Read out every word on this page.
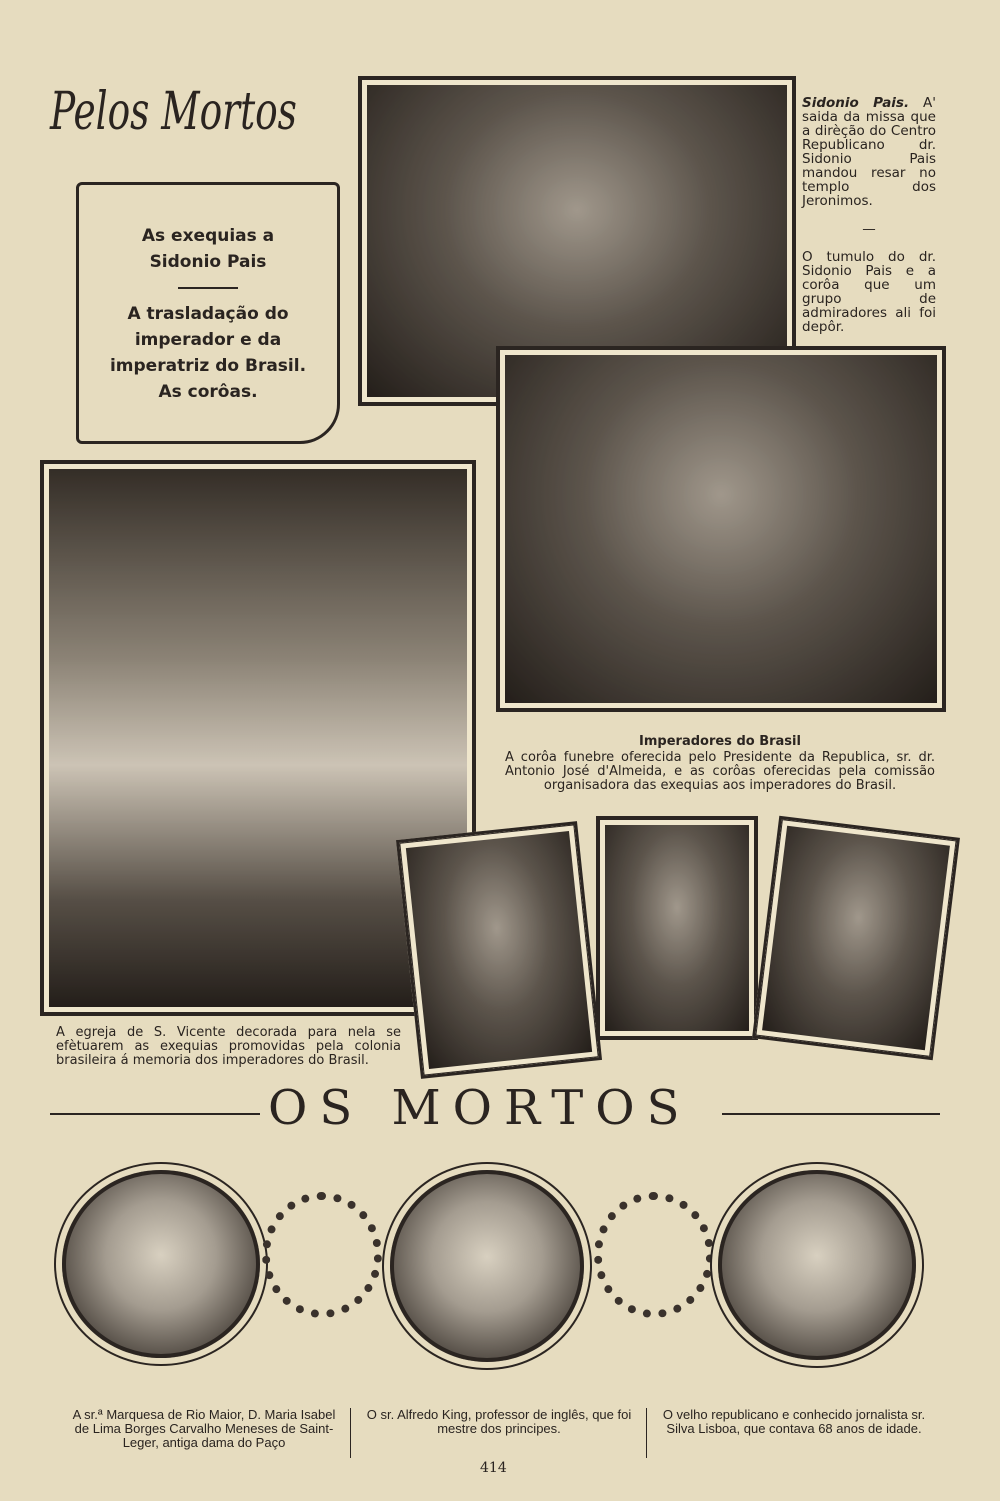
Pelos Mortos
As exequias a Sidonio Pais
A trasladação do imperador e da imperatriz do Brasil. As corôas.
Sidonio Pais. A' saida da missa que a dirèção do Centro Republicano dr. Sidonio Pais mandou resar no templo dos Jeronimos.
—
O tumulo do dr. Sidonio Pais e a corôa que um grupo de admiradores ali foi depôr.
Imperadores do Brasil
A corôa funebre oferecida pelo Presidente da Republica, sr. dr. Antonio José d'Almeida, e as corôas oferecidas pela comissão organisadora das exequias aos imperadores do Brasil.
A egreja de S. Vicente decorada para nela se efètuarem as exequias promovidas pela colonia brasileira á memoria dos imperadores do Brasil.
OS MORTOS
A sr.ª Marquesa de Rio Maior, D. Maria Isabel de Lima Borges Carvalho Meneses de Saint-Leger, antiga dama do Paço
O sr. Alfredo King, professor de inglês, que foi mestre dos principes.
O velho republicano e conhecido jornalista sr. Silva Lisboa, que contava 68 anos de idade.
414
